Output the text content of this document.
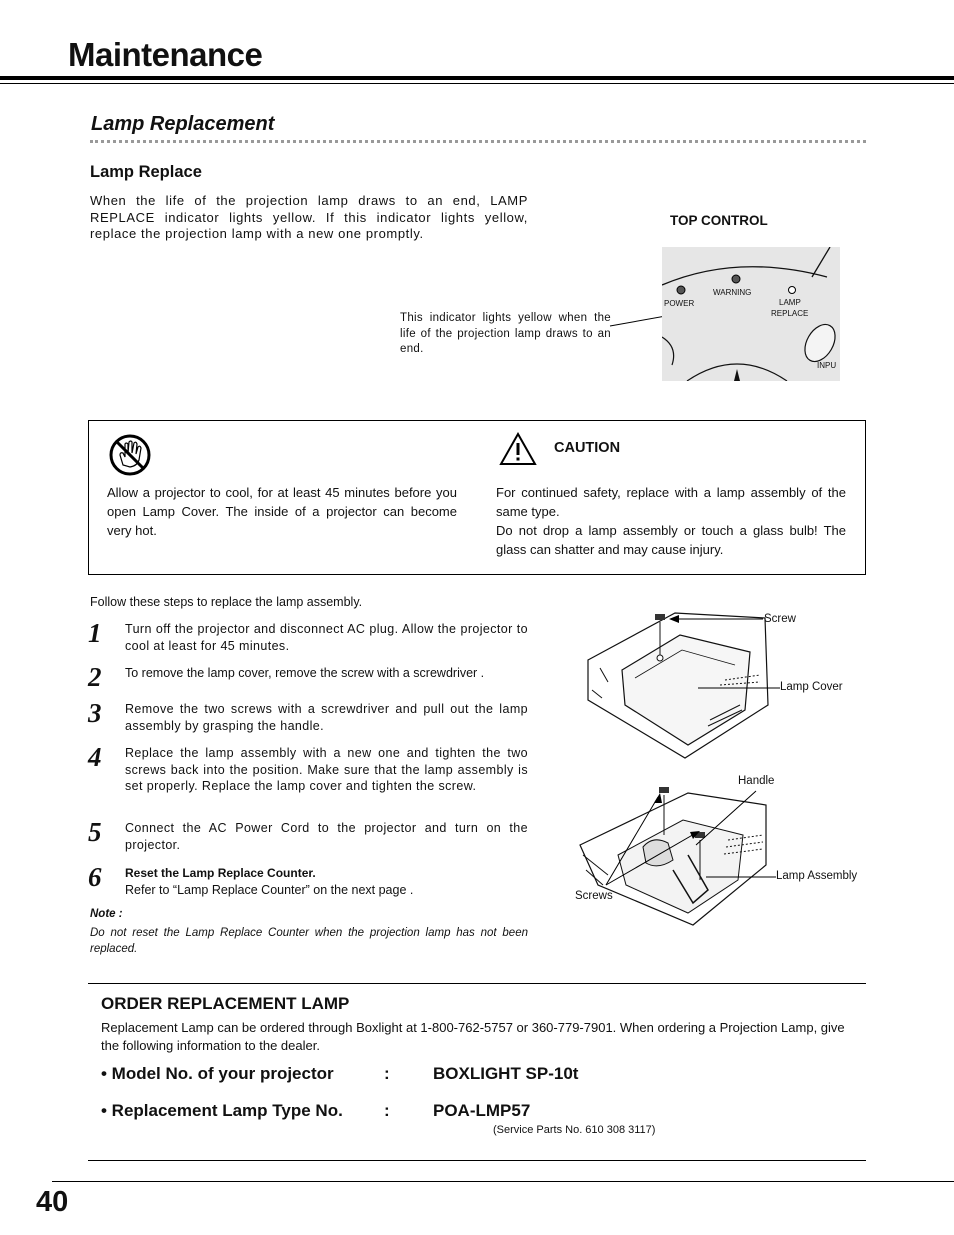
Maintenance
Lamp Replacement
Lamp Replace
When the life of the projection lamp draws to an end, LAMP REPLACE indicator lights yellow. If this indicator lights yellow, replace the projection lamp with a new one promptly.
TOP CONTROL
This indicator lights yellow when the life of the projection lamp draws to an end.
POWER
WARNING
LAMP
REPLACE
INPU
Allow a projector to cool, for at least 45 minutes before you open Lamp Cover. The inside of a projector can become very hot.
CAUTION
For continued safety, replace with a lamp assembly of the same type.
Do not drop a lamp assembly or touch a glass bulb! The glass can shatter and may cause injury.
Follow these steps to replace the lamp assembly.
1 Turn off the projector and disconnect AC plug. Allow the projector to cool at least for 45 minutes.
2 To remove the lamp cover, remove the screw with a screwdriver .
3 Remove the two screws with a screwdriver and pull out the lamp assembly by grasping the handle.
4 Replace the lamp assembly with a new one and tighten the two screws back into the position. Make sure that the lamp assembly is set properly. Replace the lamp cover and tighten the screw.
5 Connect the AC Power Cord to the projector and turn on the projector.
6 Reset the Lamp Replace Counter.
Refer to “Lamp Replace Counter” on the next page .
Note :
Do not reset the Lamp Replace Counter when the projection lamp has not been replaced.
Screw
Lamp Cover
Handle
Lamp Assembly
Screws
ORDER REPLACEMENT LAMP
Replacement Lamp can be ordered through Boxlight at 1-800-762-5757 or 360-779-7901. When ordering a Projection Lamp, give the following information to the dealer.
• Model No. of your projector	:	BOXLIGHT SP-10t
• Replacement Lamp Type No. :	POA-LMP57
(Service Parts No. 610 308 3117)
40
